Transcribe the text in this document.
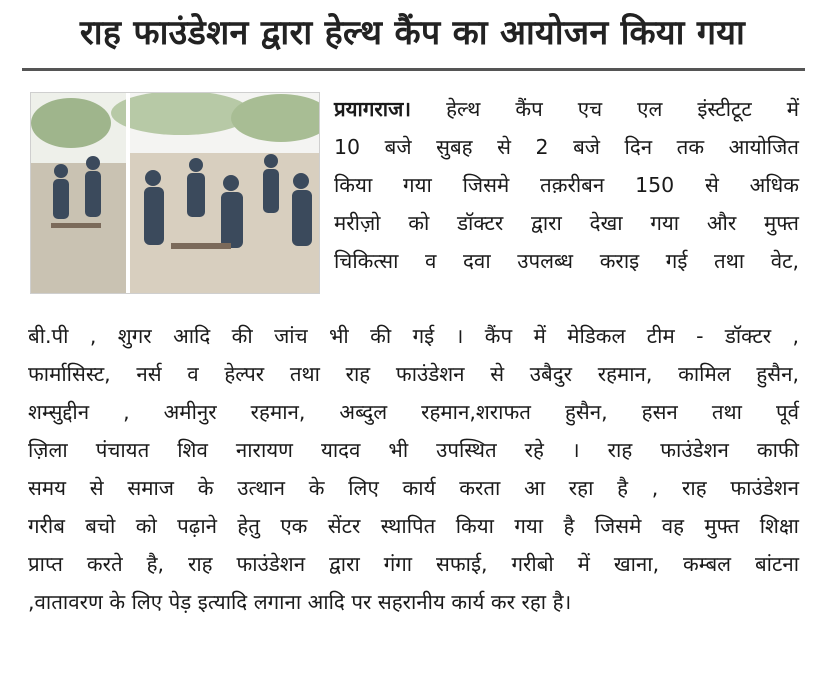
राह फाउंडेशन द्वारा हेल्थ कैंप का आयोजन किया गया
प्रयागराज। हेल्थ कैंप एच एल इंस्टीटूट में
10 बजे सुबह से 2 बजे दिन तक आयोजित
किया गया जिसमे तक़रीबन 150 से अधिक
मरीज़ो को डॉक्टर द्वारा देखा गया और मुफ्त
चिकित्सा व दवा उपलब्ध कराइ गई तथा वेट,
बी.पी , शुगर आदि की जांच भी की गई । कैंप में मेडिकल टीम - डॉक्टर ,
फार्मासिस्ट, नर्स व हेल्पर तथा राह फाउंडेशन से उबैदुर रहमान, कामिल हुसैन,
शम्सुद्दीन , अमीनुर रहमान, अब्दुल रहमान,शराफत हुसैन, हसन तथा पूर्व
ज़िला पंचायत शिव नारायण यादव भी उपस्थित रहे । राह फाउंडेशन काफी
समय से समाज के उत्थान के लिए कार्य करता आ रहा है , राह फाउंडेशन
गरीब बचो को पढ़ाने हेतु एक सेंटर स्थापित किया गया है जिसमे वह मुफ्त शिक्षा
प्राप्त करते है, राह फाउंडेशन द्वारा गंगा सफाई, गरीबो में खाना, कम्बल बांटना
,वातावरण के लिए पेड़ इत्यादि लगाना आदि पर सहरानीय कार्य कर रहा है।
